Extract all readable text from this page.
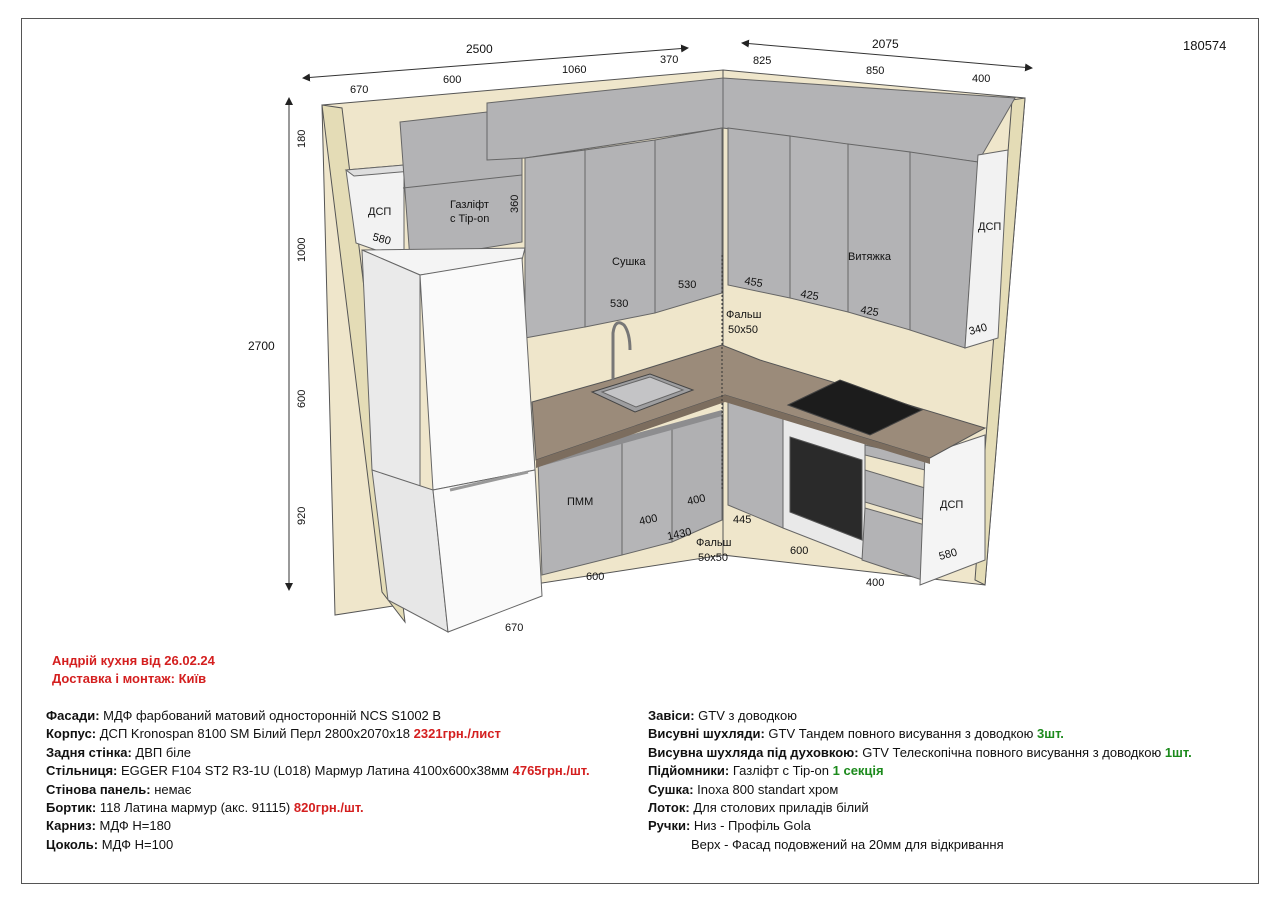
2500	2075
670
600
1060
370	825
850
400
2700
180
1000
600
920
ДСП
580
Газліфт
с Tip-on
360
Сушка
530
530
Витяжка
455
425
425
ДСП
340
Фальш
50x50
ПММ
400
400
1430
445
Фальш
50x50
600
600
400
ДСП
580
670
180574
Андрій кухня від 26.02.24
Доставка і монтаж: Київ
Фасади: МДФ фарбований матовий односторонній NCS S1002 B
Корпус: ДСП Kronospan 8100 SM Білий Перл 2800x2070x18 2321грн./лист
Задня стінка: ДВП біле
Стільниця: EGGER F104 ST2 R3-1U (L018) Мармур Латина 4100x600x38мм 4765грн./шт.
Стінова панель: немає
Бортик: 118 Латина мармур (акс. 91115) 820грн./шт.
Карниз: МДФ Н=180
Цоколь: МДФ Н=100
Завіси: GTV з доводкою
Висувні шухляди: GTV Тандем повного висування з доводкою 3шт.
Висувна шухляда під духовкою: GTV Телескопічна повного висування з доводкою 1шт.
Підйомники: Газліфт с Tip-on 1 секція
Сушка: Inoxa 800 standart хром
Лоток: Для столових приладів білий
Ручки: Низ - Профіль Gola
Верх - Фасад подовжений на 20мм для відкривання
